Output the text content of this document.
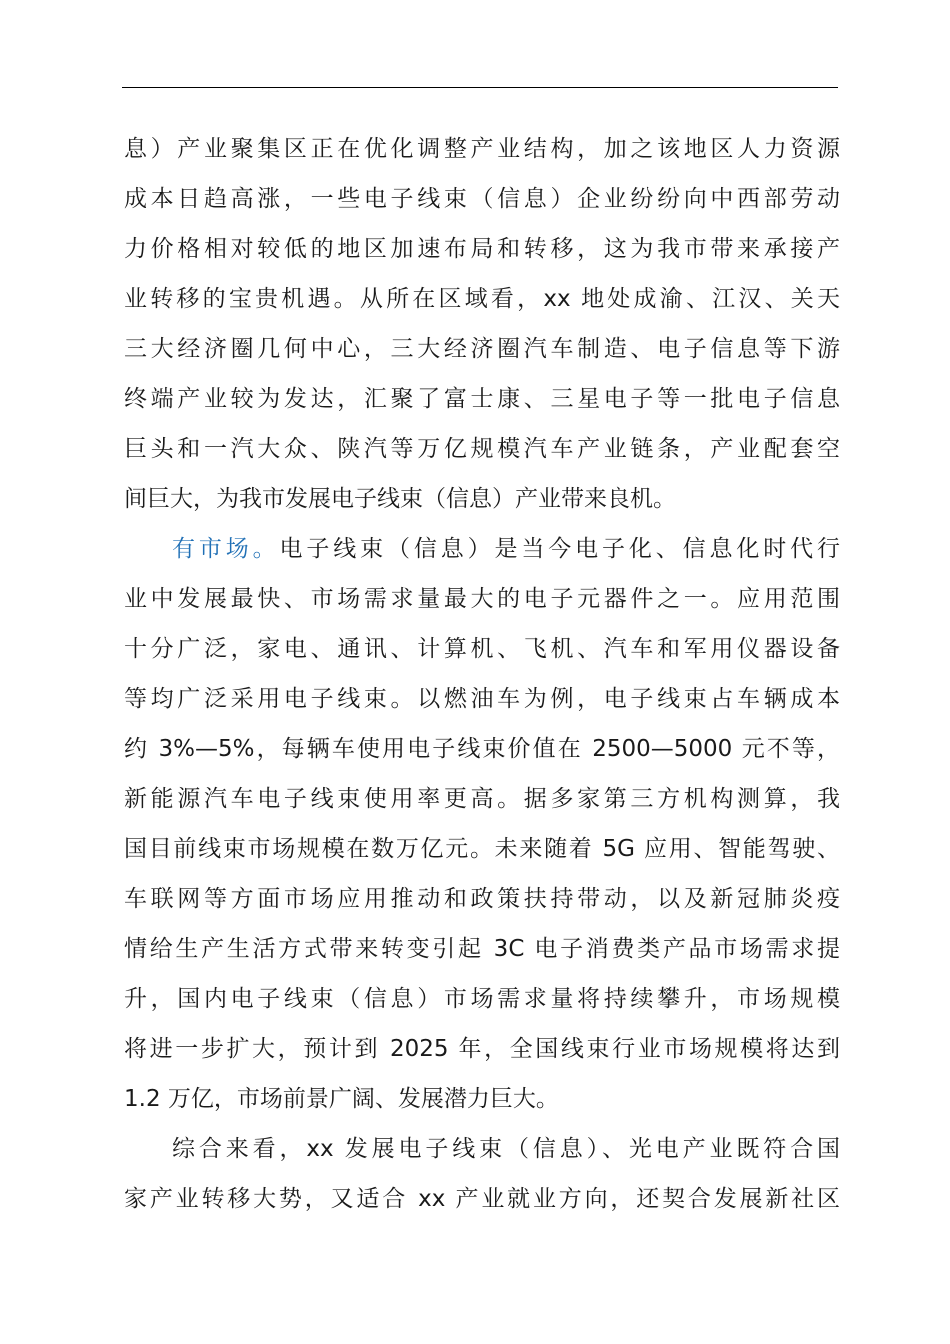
息）产业聚集区正在优化调整产业结构，加之该地区人力资源
成本日趋高涨，一些电子线束（信息）企业纷纷向中西部劳动
力价格相对较低的地区加速布局和转移，这为我市带来承接产
业转移的宝贵机遇。从所在区域看，xx 地处成渝、江汉、关天
三大经济圈几何中心，三大经济圈汽车制造、电子信息等下游
终端产业较为发达，汇聚了富士康、三星电子等一批电子信息
巨头和一汽大众、陕汽等万亿规模汽车产业链条，产业配套空
间巨大，为我市发展电子线束（信息）产业带来良机。
有市场。电子线束（信息）是当今电子化、信息化时代行
业中发展最快、市场需求量最大的电子元器件之一。应用范围
十分广泛，家电、通讯、计算机、飞机、汽车和军用仪器设备
等均广泛采用电子线束。以燃油车为例，电子线束占车辆成本
约 3%—5%，每辆车使用电子线束价值在 2500—5000 元不等，
新能源汽车电子线束使用率更高。据多家第三方机构测算，我
国目前线束市场规模在数万亿元。未来随着 5G 应用、智能驾驶、
车联网等方面市场应用推动和政策扶持带动，以及新冠肺炎疫
情给生产生活方式带来转变引起 3C 电子消费类产品市场需求提
升，国内电子线束（信息）市场需求量将持续攀升，市场规模
将进一步扩大，预计到 2025 年，全国线束行业市场规模将达到
1.2 万亿，市场前景广阔、发展潜力巨大。
综合来看，xx 发展电子线束（信息）、光电产业既符合国
家产业转移大势，又适合 xx 产业就业方向，还契合发展新社区
